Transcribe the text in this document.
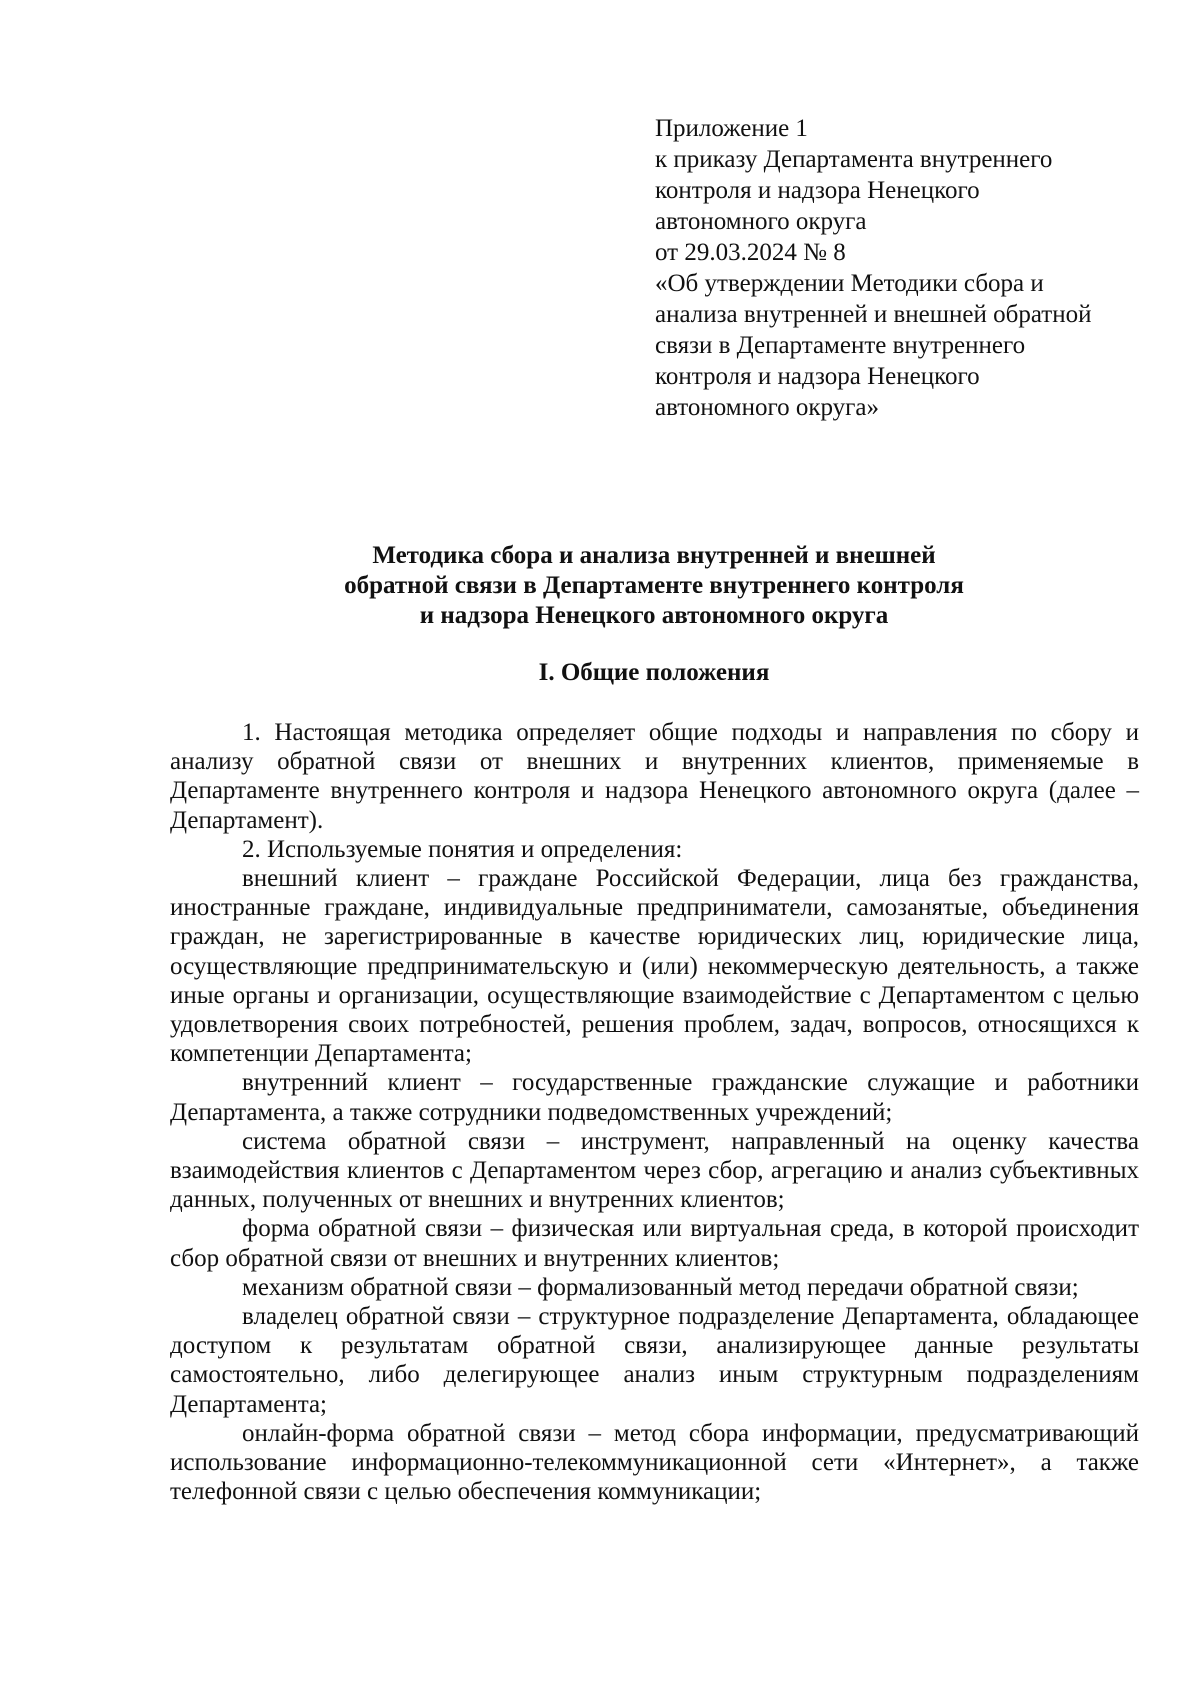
Приложение 1
к приказу Департамента внутреннего
контроля и надзора Ненецкого
автономного округа
от 29.03.2024 № 8
«Об утверждении Методики сбора и
анализа внутренней и внешней обратной
связи в Департаменте внутреннего
контроля и надзора Ненецкого
автономного округа»
Методика сбора и анализа внутренней и внешней
обратной связи в Департаменте внутреннего контроля
и надзора Ненецкого автономного округа
I. Общие положения

1. Настоящая методика определяет общие подходы и направления по сбору и анализу обратной связи от внешних и внутренних клиентов, применяемые в Департаменте внутреннего контроля и надзора Ненецкого автономного округа (далее – Департамент).

2. Используемые понятия и определения:

внешний клиент – граждане Российской Федерации, лица без гражданства, иностранные граждане, индивидуальные предприниматели, самозанятые, объединения граждан, не зарегистрированные в качестве юридических лиц, юридические лица, осуществляющие предпринимательскую и (или) некоммерческую деятельность, а также иные органы и организации, осуществляющие взаимодействие с Департаментом с целью удовлетворения своих потребностей, решения проблем, задач, вопросов, относящихся к компетенции Департамента;

внутренний клиент – государственные гражданские служащие и работники Департамента, а также сотрудники подведомственных учреждений;

система обратной связи – инструмент, направленный на оценку качества взаимодействия клиентов с Департаментом через сбор, агрегацию и анализ субъективных данных, полученных от внешних и внутренних клиентов;

форма обратной связи – физическая или виртуальная среда, в которой происходит сбор обратной связи от внешних и внутренних клиентов;

механизм обратной связи – формализованный метод передачи обратной связи;

владелец обратной связи – структурное подразделение Департамента, обладающее доступом к результатам обратной связи, анализирующее данные результаты самостоятельно, либо делегирующее анализ иным структурным подразделениям Департамента;

онлайн-форма обратной связи – метод сбора информации, предусматривающий использование информационно-телекоммуникационной сети «Интернет», а также телефонной связи с целью обеспечения коммуникации;
